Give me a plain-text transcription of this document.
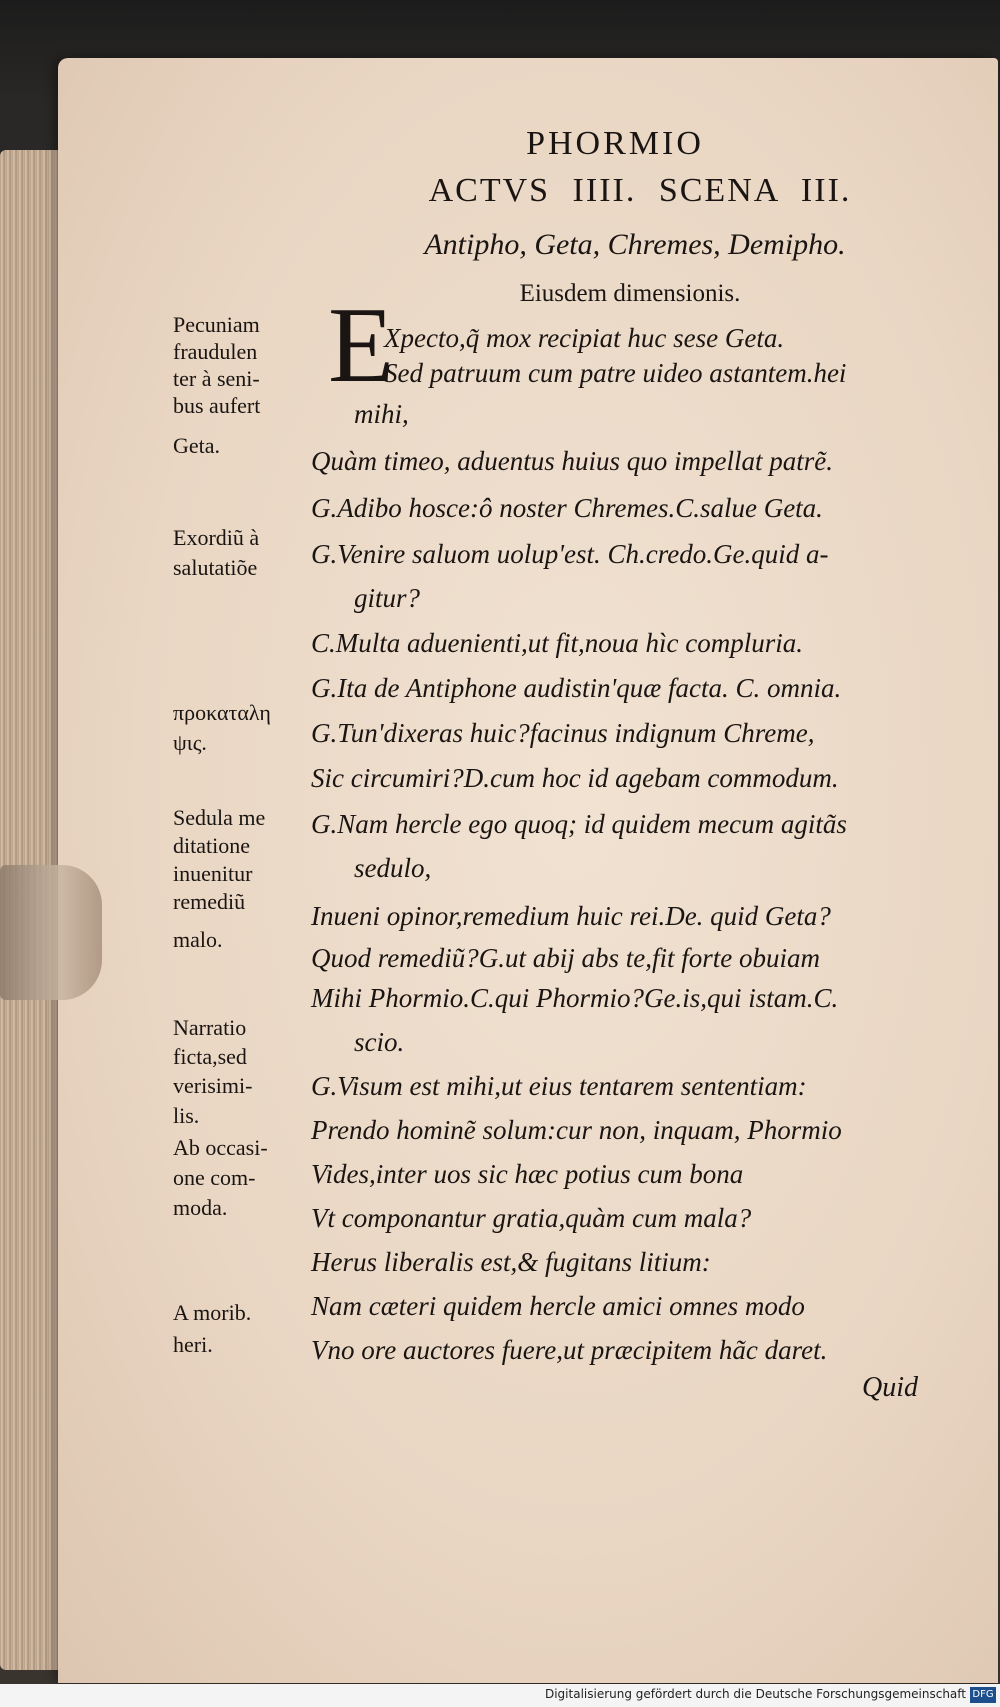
PHORMIO
ACTVS IIII. SCENA III.
Antipho, Geta, Chremes, Demipho.
Eiusdem dimensionis.
E
Xpecto,q̃ mox recipiat huc sese Geta.
Sed patruum cum patre uideo astantem.hei
mihi,
Quàm timeo, aduentus huius quo impellat patrẽ.
G.Adibo hosce:ô noster Chremes.C.salue Geta.
G.Venire saluom uolup'est. Ch.credo.Ge.quid a-
gitur?
C.Multa aduenienti,ut fit,noua hìc compluria.
G.Ita de Antiphone audistin'quæ facta. C. omnia.
G.Tun'dixeras huic?facinus indignum Chreme,
Sic circumiri?D.cum hoc id agebam commodum.
G.Nam hercle ego quoq; id quidem mecum agitãs
sedulo,
Inueni opinor,remedium huic rei.De. quid Geta?
Quod remediũ?G.ut abij abs te,fit forte obuiam
Mihi Phormio.C.qui Phormio?Ge.is,qui istam.C.
scio.
G.Visum est mihi,ut eius tentarem sententiam:
Prendo hominẽ solum:cur non, inquam, Phormio
Vides,inter uos sic hæc potius cum bona
Vt componantur gratia,quàm cum mala?
Herus liberalis est,& fugitans litium:
Nam cæteri quidem hercle amici omnes modo
Vno ore auctores fuere,ut præcipitem hãc daret.
Pecuniam
fraudulen
ter à seni-
bus aufert
Geta.
Exordiũ à
salutatiõe
προκαταλη
ψις.
Sedula me
ditatione
inuenitur
remediũ
malo.
Narratio
ficta,sed
verisimi-
lis.
Ab occasi-
one com-
moda.
A morib.
heri.
Quid
Digitalisierung gefördert durch die Deutsche Forschungsgemeinschaft DFG
